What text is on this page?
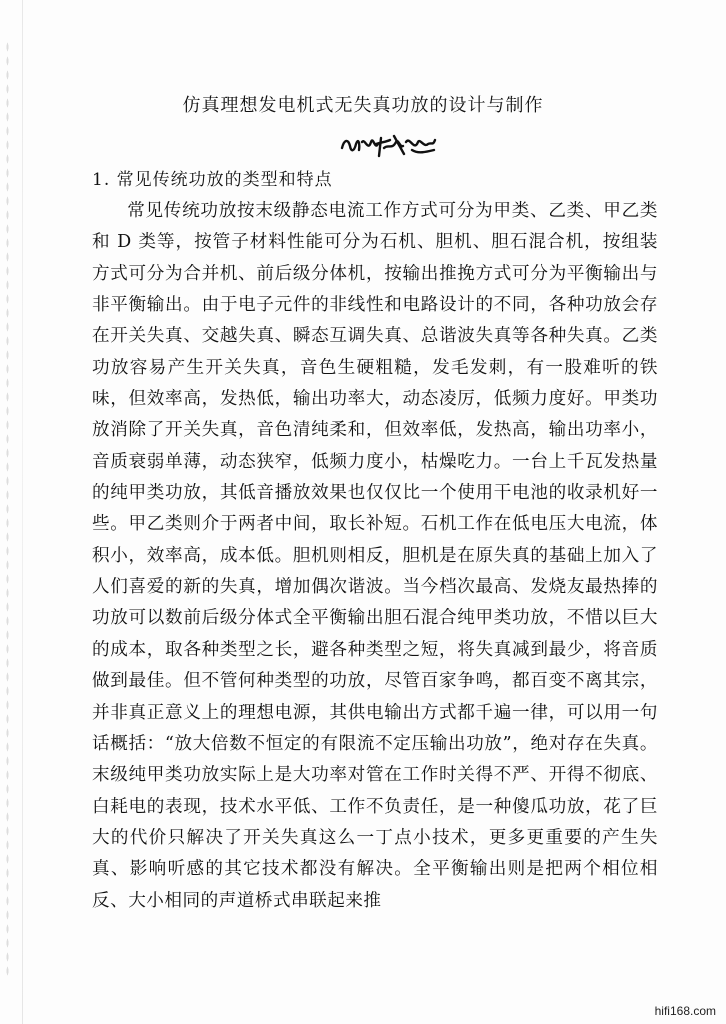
仿真理想发电机式无失真功放的设计与制作
1. 常见传统功放的类型和特点

常见传统功放按末级静态电流工作方式可分为甲类、乙类、甲乙类和 D 类等，按管子材料性能可分为石机、胆机、胆石混合机，按组装方式可分为合并机、前后级分体机，按输出推挽方式可分为平衡输出与非平衡输出。由于电子元件的非线性和电路设计的不同，各种功放会存在开关失真、交越失真、瞬态互调失真、总谐波失真等各种失真。乙类功放容易产生开关失真，音色生硬粗糙，发毛发刺，有一股难听的铁味，但效率高，发热低，输出功率大，动态凌厉，低频力度好。甲类功放消除了开关失真，音色清纯柔和，但效率低，发热高，输出功率小，音质衰弱单薄，动态狭窄，低频力度小，枯燥吃力。一台上千瓦发热量的纯甲类功放，其低音播放效果也仅仅比一个使用干电池的收录机好一些。甲乙类则介于两者中间，取长补短。石机工作在低电压大电流，体积小，效率高，成本低。胆机则相反，胆机是在原失真的基础上加入了人们喜爱的新的失真，增加偶次谐波。当今档次最高、发烧友最热捧的功放可以数前后级分体式全平衡输出胆石混合纯甲类功放，不惜以巨大的成本，取各种类型之长，避各种类型之短，将失真减到最少，将音质做到最佳。但不管何种类型的功放，尽管百家争鸣，都百变不离其宗，并非真正意义上的理想电源，其供电输出方式都千遍一律，可以用一句话概括：“放大倍数不恒定的有限流不定压输出功放”，绝对存在失真。末级纯甲类功放实际上是大功率对管在工作时关得不严、开得不彻底、白耗电的表现，技术水平低、工作不负责任，是一种傻瓜功放，花了巨大的代价只解决了开关失真这么一丁点小技术，更多更重要的产生失真、影响听感的其它技术都没有解决。全平衡输出则是把两个相位相反、大小相同的声道桥式串联起来推

hifi168.com
